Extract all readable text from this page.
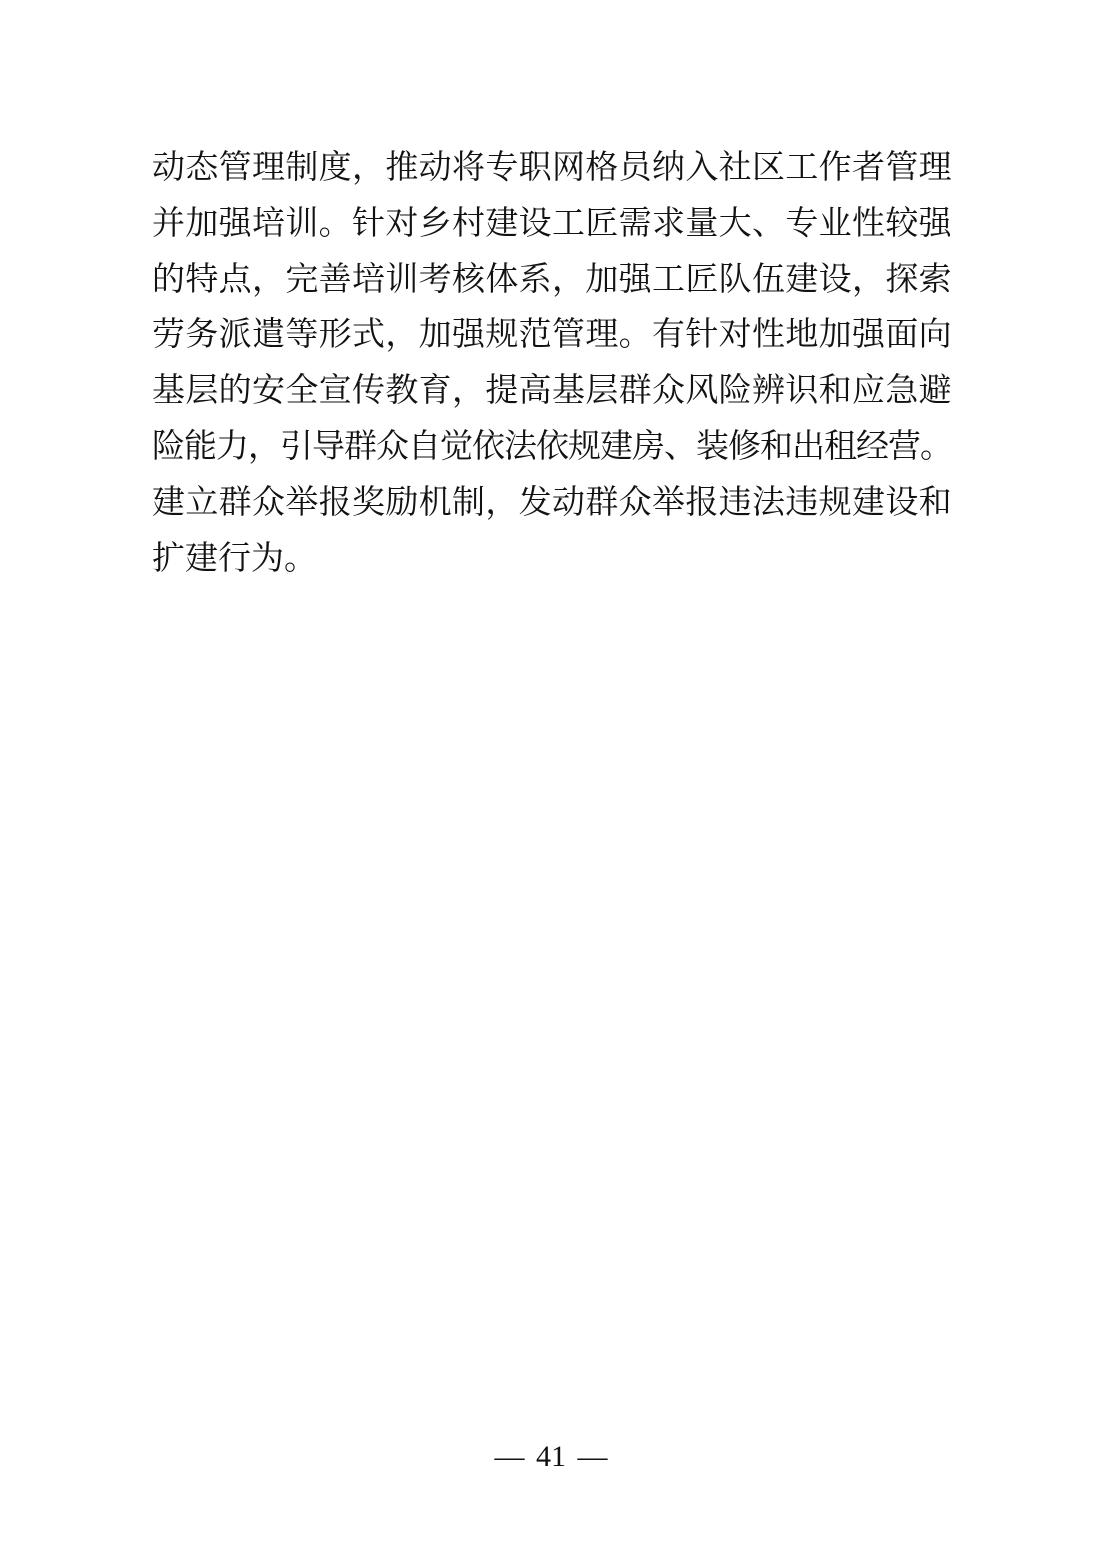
动态管理制度，推动将专职网格员纳入社区工作者管理
并加强培训。针对乡村建设工匠需求量大、专业性较强
的特点，完善培训考核体系，加强工匠队伍建设，探索
劳务派遣等形式，加强规范管理。有针对性地加强面向
基层的安全宣传教育，提高基层群众风险辨识和应急避
险能力，引导群众自觉依法依规建房、装修和出租经营。
建立群众举报奖励机制，发动群众举报违法违规建设和
扩建行为。
— 41 —
